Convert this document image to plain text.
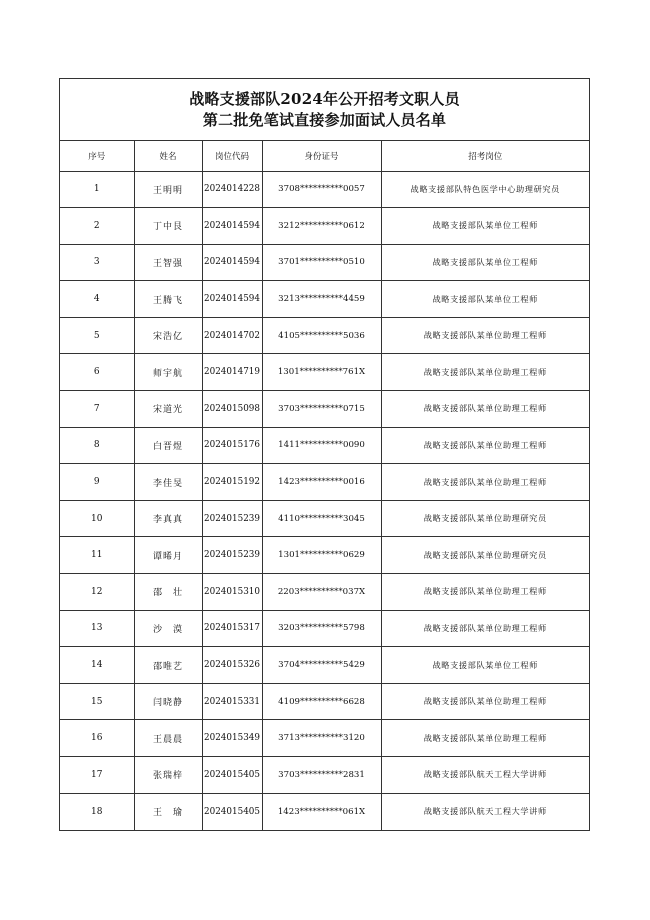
战略支援部队2024年公开招考文职人员
第二批免笔试直接参加面试人员名单
序号	姓名	岗位代码	身份证号	招考岗位
1	王明明	2024014228	3708**********0057	战略支援部队特色医学中心助理研究员
2	丁中艮	2024014594	3212**********0612	战略支援部队某单位工程师
3	王智强	2024014594	3701**********0510	战略支援部队某单位工程师
4	王腾飞	2024014594	3213**********4459	战略支援部队某单位工程师
5	宋浩亿	2024014702	4105**********5036	战略支援部队某单位助理工程师
6	师宇航	2024014719	1301**********761X	战略支援部队某单位助理工程师
7	宋道光	2024015098	3703**********0715	战略支援部队某单位助理工程师
8	白晋煜	2024015176	1411**********0090	战略支援部队某单位助理工程师
9	李佳旻	2024015192	1423**********0016	战略支援部队某单位助理工程师
10	李真真	2024015239	4110**********3045	战略支援部队某单位助理研究员
11	谭晞月	2024015239	1301**********0629	战略支援部队某单位助理研究员
12	邵　壮	2024015310	2203**********037X	战略支援部队某单位助理工程师
13	沙　漠	2024015317	3203**********5798	战略支援部队某单位助理工程师
14	邵唯艺	2024015326	3704**********5429	战略支援部队某单位工程师
15	闫晓静	2024015331	4109**********6628	战略支援部队某单位助理工程师
16	王晨晨	2024015349	3713**********3120	战略支援部队某单位助理工程师
17	张瑞梓	2024015405	3703**********2831	战略支援部队航天工程大学讲师
18	王　瑜	2024015405	1423**********061X	战略支援部队航天工程大学讲师
